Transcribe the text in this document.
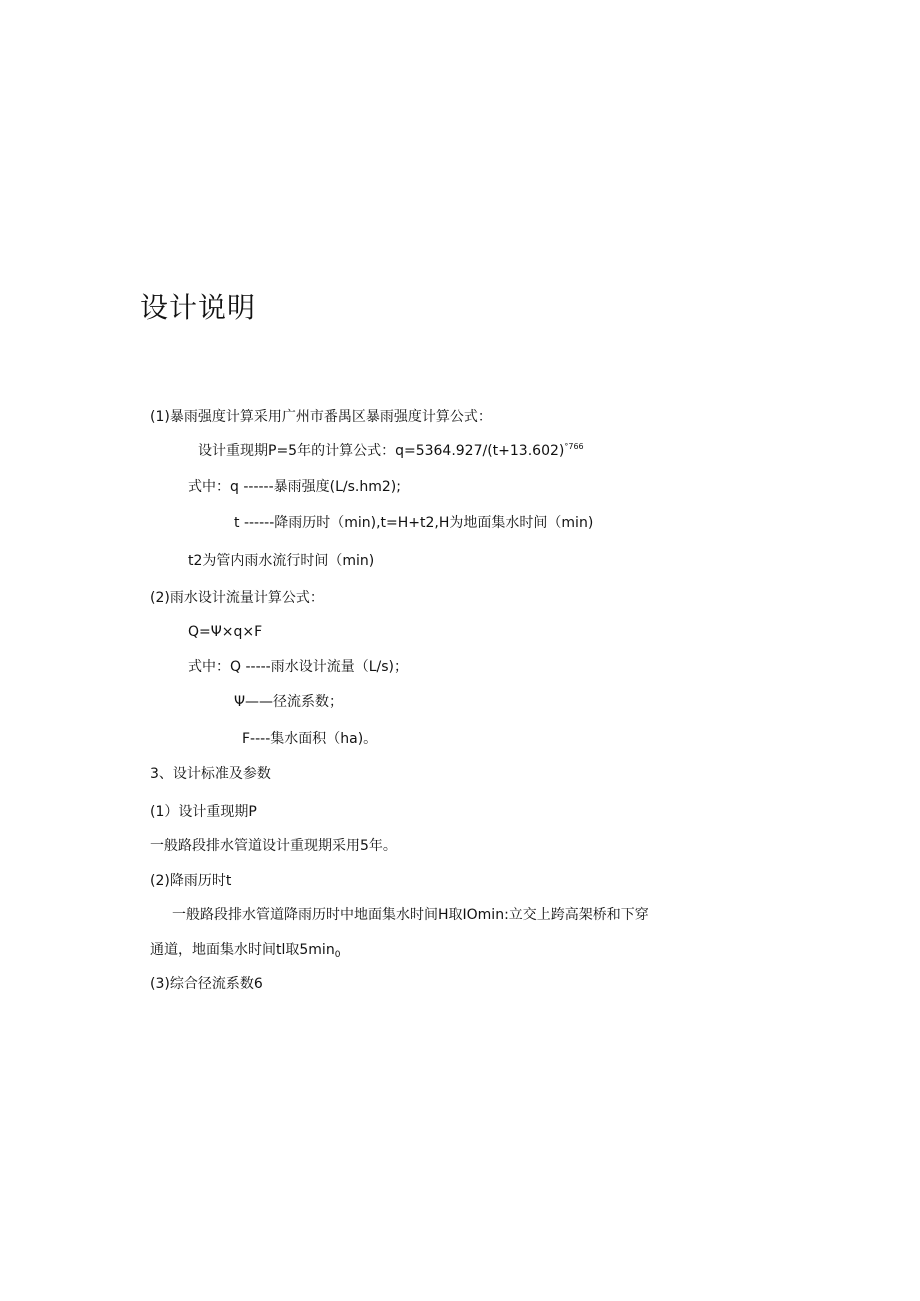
设计说明
(1)暴雨强度计算采用广州市番禺区暴雨强度计算公式：
设计重现期P=5年的计算公式：$q=5364.927∕(t+13.602)^{^\circ 766}$
式中：q ------暴雨强度(L∕s.hm2);
t ------降雨历时（min),t=H+t2,H为地面集水时间（min)
t2为管内雨水流行时间（min)
(2)雨水设计流量计算公式：
Q=Ψ×q×F
式中：Q -----雨水设计流量（L/s)；
Ψ——径流系数；
F----集水面积（ha)。
3、设计标准及参数
(1）设计重现期P
一般路段排水管道设计重现期采用5年。
(2)降雨历时t
一般路段排水管道降雨历时中地面集水时间H取IOmin:立交上跨高架桥和下穿
通道，地面集水时间tl取$5\min_0$
(3)综合径流系数6
